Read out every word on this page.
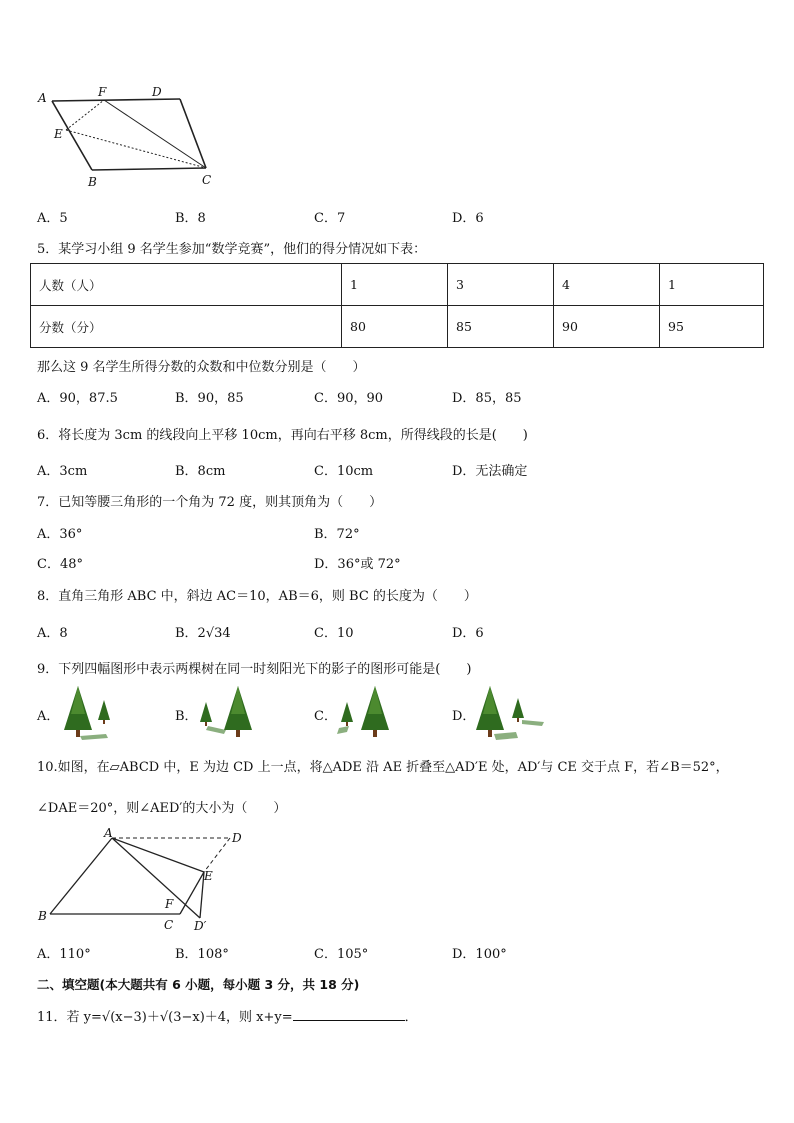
A	F	D
E
B	C
A．5	B．8	C．7	D．6
5．某学习小组 9 名学生参加“数学竞赛”，他们的得分情况如下表：
人数（人）	1	3	4	1
分数（分）	80	85	90	95
那么这 9 名学生所得分数的众数和中位数分别是（　　）
A．90，87.5	B．90，85	C．90，90	D．85，85
6．将长度为 3cm 的线段向上平移 10cm，再向右平移 8cm，所得线段的长是(　　)
A．3cm	B．8cm	C．10cm	D．无法确定
7．已知等腰三角形的一个角为 72 度，则其顶角为（　　）
A．36°	B．72°
C．48°	D．36°或 72°
8．直角三角形 ABC 中，斜边 AC＝10，AB＝6，则 BC 的长度为（　　）
A．8	B．2√34	C．10	D．6
9．下列四幅图形中表示两棵树在同一时刻阳光下的影子的图形可能是(　　)
A．	B．	C．	D．
10.如图，在▱ABCD 中，E 为边 CD 上一点，将△ADE 沿 AE 折叠至△AD′E 处，AD′与 CE 交于点 F，若∠B＝52°，
∠DAE＝20°，则∠AED′的大小为（　　）
A	D
E
F
B
C D′
A．110°	B．108°	C．105°	D．100°
二、填空题(本大题共有 6 小题，每小题 3 分，共 18 分)
11．若 y=√(x−3)＋√(3−x)＋4，则 x+y=	．
